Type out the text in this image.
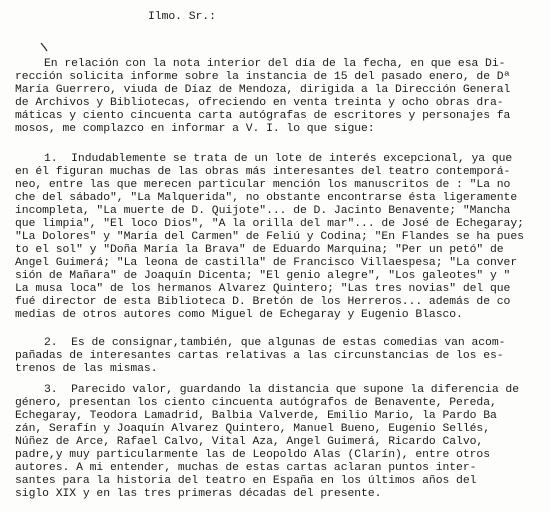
Ilmo. Sr.:
En relación con la nota interior del día de la fecha, en que esa Di-
rección solicita informe sobre la instancia de 15 del pasado enero, de Dª
María Guerrero, viuda de Díaz de Mendoza, dirigida a la Dirección General
de Archivos y Bibliotecas, ofreciendo en venta treinta y ocho obras dra-
máticas y ciento cincuenta carta autógrafas de escritores y personajes fa
mosos, me complazco en informar a V. I. lo que sigue:
1.  Indudablemente se trata de un lote de interés excepcional, ya que
en él figuran muchas de las obras más interesantes del teatro contemporá-
neo, entre las que merecen particular mención los manuscritos de : "La no
che del sábado", "La Malquerida", no obstante encontrarse ésta ligeramente
incompleta, "La muerte de D. Quijote"... de D. Jacinto Benavente; "Mancha
que limpia", "El loco Dios", "A la orilla del mar"... de José de Echegaray;
"La Dolores" y "María del Carmen" de Feliú y Codina; "En Flandes se ha pues
to el sol" y "Doña María la Brava" de Eduardo Marquina; "Per un petó" de
Angel Guimerá; "La leona de castilla" de Francisco Villaespesa; "La conver
sión de Mañara" de Joaquín Dicenta; "El genio alegre", "Los galeotes" y "
La musa loca" de los hermanos Alvarez Quintero; "Las tres novias" del que
fué director de esta Biblioteca D. Bretón de los Herreros... además de co
medias de otros autores como Miguel de Echegaray y Eugenio Blasco.
2.  Es de consignar,también, que algunas de estas comedias van acom-
pañadas de interesantes cartas relativas a las circunstancias de los es-
trenos de las mismas.
3.  Parecido valor, guardando la distancia que supone la diferencia de
género, presentan los ciento cincuenta autógrafos de Benavente, Pereda,
Echegaray, Teodora Lamadrid, Balbia Valverde, Emilio Mario, la Pardo Ba
zán, Serafín y Joaquín Alvarez Quintero, Manuel Bueno, Eugenio Sellés,
Núñez de Arce, Rafael Calvo, Vital Aza, Angel Guimerá, Ricardo Calvo,
padre,y muy particularmente las de Leopoldo Alas (Clarín), entre otros
autores. A mi entender, muchas de estas cartas aclaran puntos inter-
santes para la historia del teatro en España en los últimos años del
siglo XIX y en las tres primeras décadas del presente.
